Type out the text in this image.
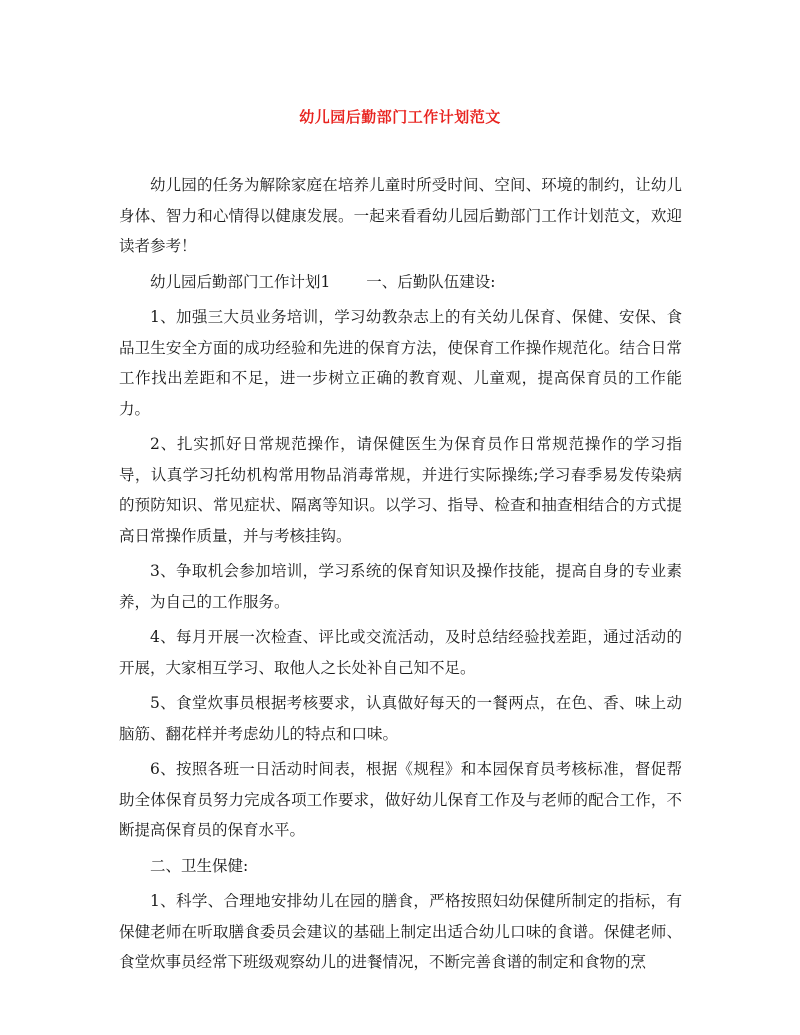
幼儿园后勤部门工作计划范文

幼儿园的任务为解除家庭在培养儿童时所受时间、空间、环境的制约，让幼儿身体、智力和心情得以健康发展。一起来看看幼儿园后勤部门工作计划范文，欢迎读者参考！

幼儿园后勤部门工作计划1 　　一、后勤队伍建设:

1、加强三大员业务培训，学习幼教杂志上的有关幼儿保育、保健、安保、食品卫生安全方面的成功经验和先进的保育方法，使保育工作操作规范化。结合日常工作找出差距和不足，进一步树立正确的教育观、儿童观，提高保育员的工作能力。

2、扎实抓好日常规范操作，请保健医生为保育员作日常规范操作的学习指导，认真学习托幼机构常用物品消毒常规，并进行实际操练;学习春季易发传染病的预防知识、常见症状、隔离等知识。以学习、指导、检查和抽查相结合的方式提高日常操作质量，并与考核挂钩。

3、争取机会参加培训，学习系统的保育知识及操作技能，提高自身的专业素养，为自己的工作服务。

4、每月开展一次检查、评比或交流活动，及时总结经验找差距，通过活动的开展，大家相互学习、取他人之长处补自己知不足。

5、食堂炊事员根据考核要求，认真做好每天的一餐两点，在色、香、味上动脑筋、翻花样并考虑幼儿的特点和口味。

6、按照各班一日活动时间表，根据《规程》和本园保育员考核标准，督促帮助全体保育员努力完成各项工作要求，做好幼儿保育工作及与老师的配合工作，不断提高保育员的保育水平。

二、卫生保健:

1、科学、合理地安排幼儿在园的膳食，严格按照妇幼保健所制定的指标，有保健老师在听取膳食委员会建议的基础上制定出适合幼儿口味的食谱。保健老师、食堂炊事员经常下班级观察幼儿的进餐情况，不断完善食谱的制定和食物的烹
